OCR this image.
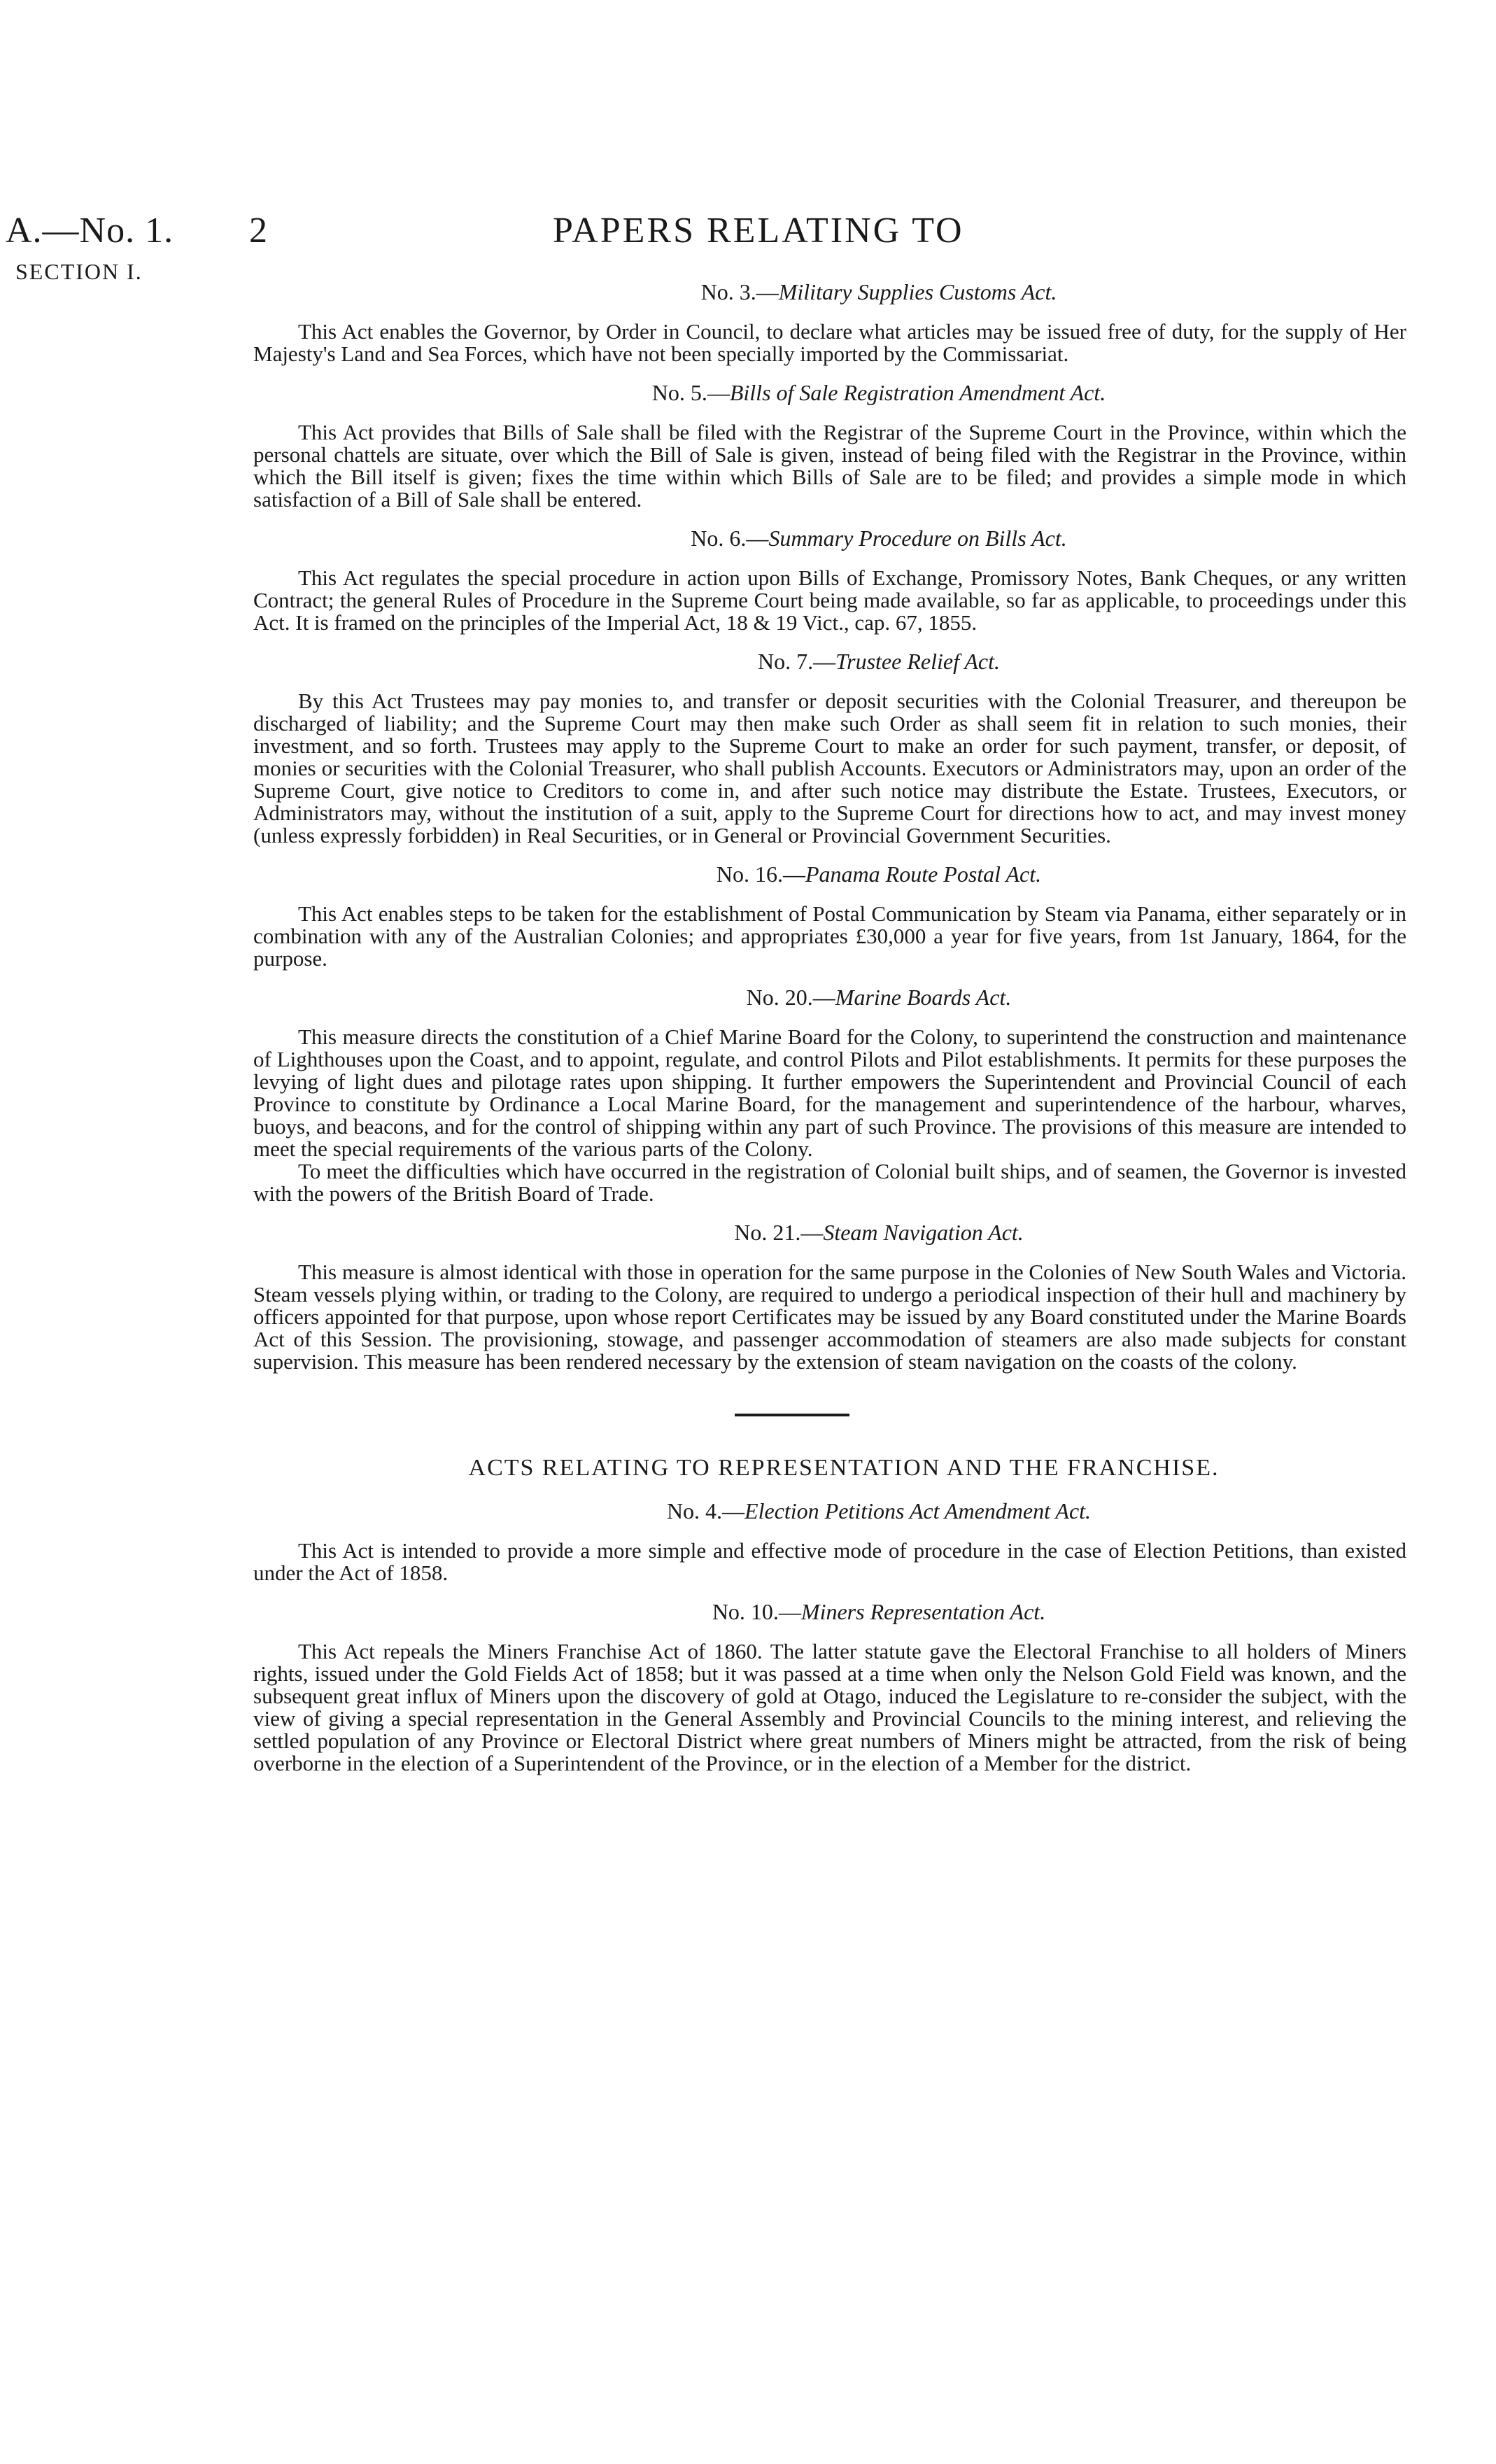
A.—No. 1.
SECTION I.
2	PAPERS RELATING TO
No. 3.—Military Supplies Customs Act.

This Act enables the Governor, by Order in Council, to declare what articles may be issued free of duty, for the supply of Her Majesty's Land and Sea Forces, which have not been specially imported by the Commissariat.

No. 5.—Bills of Sale Registration Amendment Act.

This Act provides that Bills of Sale shall be filed with the Registrar of the Supreme Court in the Province, within which the personal chattels are situate, over which the Bill of Sale is given, instead of being filed with the Registrar in the Province, within which the Bill itself is given; fixes the time within which Bills of Sale are to be filed; and provides a simple mode in which satisfaction of a Bill of Sale shall be entered.

No. 6.—Summary Procedure on Bills Act.

This Act regulates the special procedure in action upon Bills of Exchange, Promissory Notes, Bank Cheques, or any written Contract; the general Rules of Procedure in the Supreme Court being made available, so far as applicable, to proceedings under this Act. It is framed on the principles of the Imperial Act, 18 & 19 Vict., cap. 67, 1855.

No. 7.—Trustee Relief Act.

By this Act Trustees may pay monies to, and transfer or deposit securities with the Colonial Treasurer, and thereupon be discharged of liability; and the Supreme Court may then make such Order as shall seem fit in relation to such monies, their investment, and so forth. Trustees may apply to the Supreme Court to make an order for such payment, transfer, or deposit, of monies or securities with the Colonial Treasurer, who shall publish Accounts. Executors or Administrators may, upon an order of the Supreme Court, give notice to Creditors to come in, and after such notice may distribute the Estate. Trustees, Executors, or Administrators may, without the institution of a suit, apply to the Supreme Court for directions how to act, and may invest money (unless expressly forbidden) in Real Securities, or in General or Provincial Government Securities.

No. 16.—Panama Route Postal Act.

This Act enables steps to be taken for the establishment of Postal Communication by Steam via Panama, either separately or in combination with any of the Australian Colonies; and appropriates £30,000 a year for five years, from 1st January, 1864, for the purpose.

No. 20.—Marine Boards Act.

This measure directs the constitution of a Chief Marine Board for the Colony, to superintend the construction and maintenance of Lighthouses upon the Coast, and to appoint, regulate, and control Pilots and Pilot establishments. It permits for these purposes the levying of light dues and pilotage rates upon shipping. It further empowers the Superintendent and Provincial Council of each Province to constitute by Ordinance a Local Marine Board, for the management and superintendence of the harbour, wharves, buoys, and beacons, and for the control of shipping within any part of such Province. The provisions of this measure are intended to meet the special requirements of the various parts of the Colony.

To meet the difficulties which have occurred in the registration of Colonial built ships, and of seamen, the Governor is invested with the powers of the British Board of Trade.

No. 21.—Steam Navigation Act.

This measure is almost identical with those in operation for the same purpose in the Colonies of New South Wales and Victoria. Steam vessels plying within, or trading to the Colony, are required to undergo a periodical inspection of their hull and machinery by officers appointed for that purpose, upon whose report Certificates may be issued by any Board constituted under the Marine Boards Act of this Session. The provisioning, stowage, and passenger accommodation of steamers are also made subjects for constant supervision. This measure has been rendered necessary by the extension of steam navigation on the coasts of the colony.

ACTS RELATING TO REPRESENTATION AND THE FRANCHISE.
No. 4.—Election Petitions Act Amendment Act.

This Act is intended to provide a more simple and effective mode of procedure in the case of Election Petitions, than existed under the Act of 1858.

No. 10.—Miners Representation Act.

This Act repeals the Miners Franchise Act of 1860. The latter statute gave the Electoral Franchise to all holders of Miners rights, issued under the Gold Fields Act of 1858; but it was passed at a time when only the Nelson Gold Field was known, and the subsequent great influx of Miners upon the discovery of gold at Otago, induced the Legislature to re-consider the subject, with the view of giving a special representation in the General Assembly and Provincial Councils to the mining interest, and relieving the settled population of any Province or Electoral District where great numbers of Miners might be attracted, from the risk of being overborne in the election of a Superintendent of the Province, or in the election of a Member for the district.
